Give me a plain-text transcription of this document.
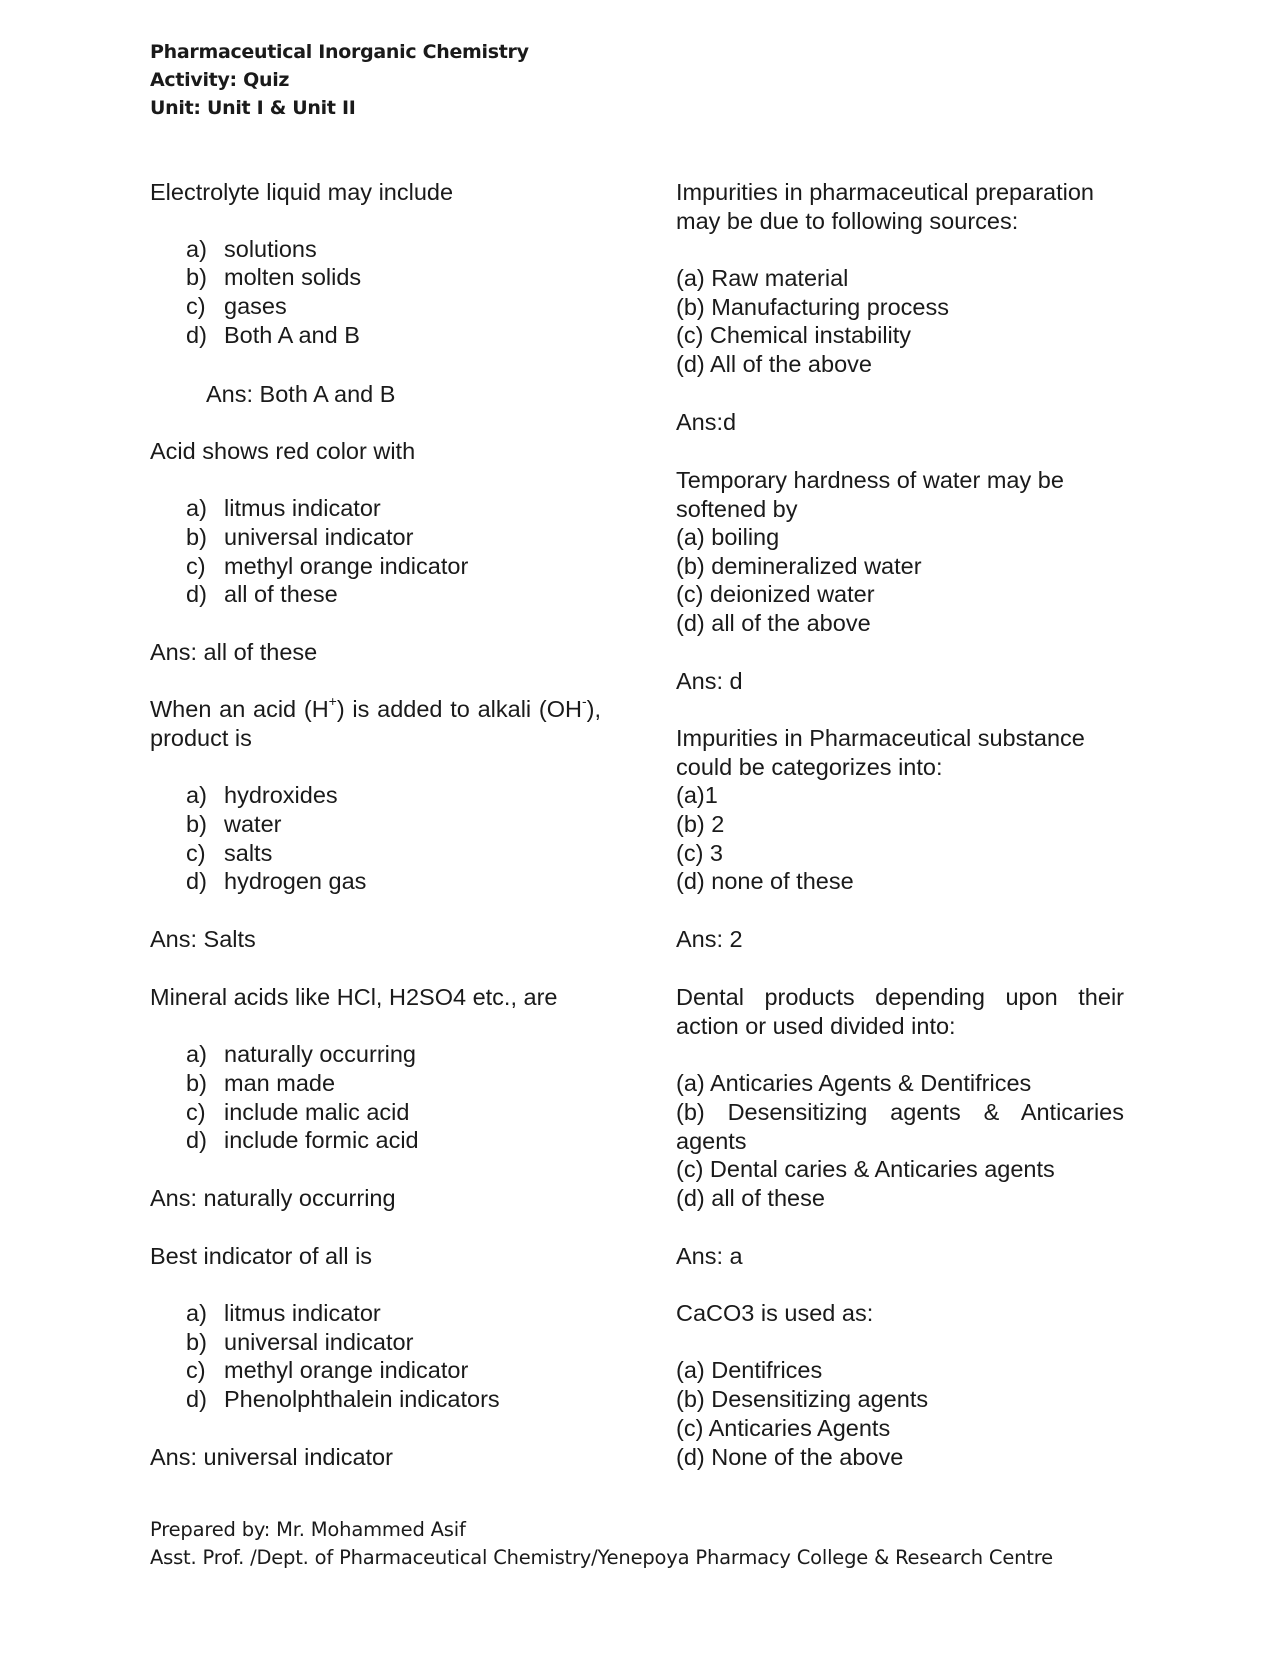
Pharmaceutical Inorganic Chemistry
Activity: Quiz
Unit: Unit I & Unit II
Electrolyte liquid may include
a) solutions
b) molten solids
c) gases
d) Both A and B
Ans: Both A and B
Acid shows red color with
a) litmus indicator
b) universal indicator
c) methyl orange indicator
d) all of these
Ans: all of these
When an acid (H+) is added to alkali (OH-), product is
a) hydroxides
b) water
c) salts
d) hydrogen gas
Ans: Salts
Mineral acids like HCl, H2SO4 etc., are
a) naturally occurring
b) man made
c) include malic acid
d) include formic acid
Ans: naturally occurring
Best indicator of all is
a) litmus indicator
b) universal indicator
c) methyl orange indicator
d) Phenolphthalein indicators
Ans: universal indicator
Impurities in pharmaceutical preparation may be due to following sources:
(a) Raw material
(b) Manufacturing process
(c) Chemical instability
(d) All of the above
Ans:d
Temporary hardness of water may be softened by
(a) boiling
(b) demineralized water
(c) deionized water
(d) all of the above
Ans: d
Impurities in Pharmaceutical substance could be categorizes into:
(a)1
(b) 2
(c) 3
(d) none of these
Ans: 2
Dental products depending upon their action or used divided into:
(a) Anticaries Agents & Dentifrices
(b) Desensitizing agents & Anticaries agents
(c) Dental caries & Anticaries agents
(d) all of these
Ans: a
CaCO3 is used as:
(a) Dentifrices
(b) Desensitizing agents
(c) Anticaries Agents
(d) None of the above
Prepared by: Mr. Mohammed Asif
Asst. Prof. /Dept. of Pharmaceutical Chemistry/Yenepoya Pharmacy College & Research Centre
